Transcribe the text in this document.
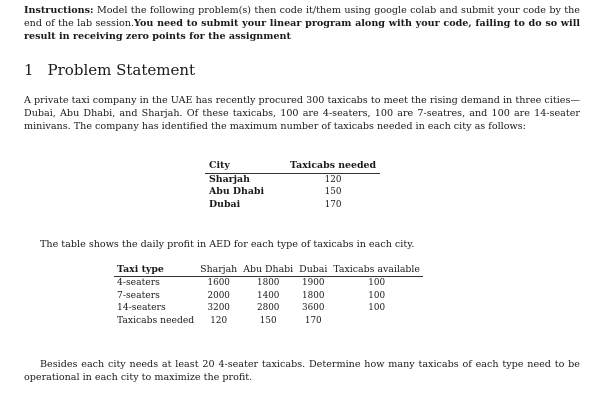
Instructions: Model the following problem(s) then code it/them using google colab and submit your code by the end of the lab session.You need to submit your linear program along with your code, failing to do so will result in receiving zero points for the assignment
1 Problem Statement
A private taxi company in the UAE has recently procured 300 taxicabs to meet the rising demand in three cities—Dubai, Abu Dhabi, and Sharjah. Of these taxicabs, 100 are 4-seaters, 100 are 7-seatres, and 100 are 14-seater minivans. The company has identified the maximum number of taxicabs needed in each city as follows:
City	Taxicabs needed
Sharjah	120
Abu Dhabi	150
Dubai	170
The table shows the daily profit in AED for each type of taxicabs in each city.
Taxi type	Sharjah	Abu Dhabi	Dubai	Taxicabs available
4-seaters	1600	1800	1900	100
7-seaters	2000	1400	1800	100
14-seaters	3200	2800	3600	100
Taxicabs needed	120	150	170	
Besides each city needs at least 20 4-seater taxicabs. Determine how many taxicabs of each type need to be operational in each city to maximize the profit.
